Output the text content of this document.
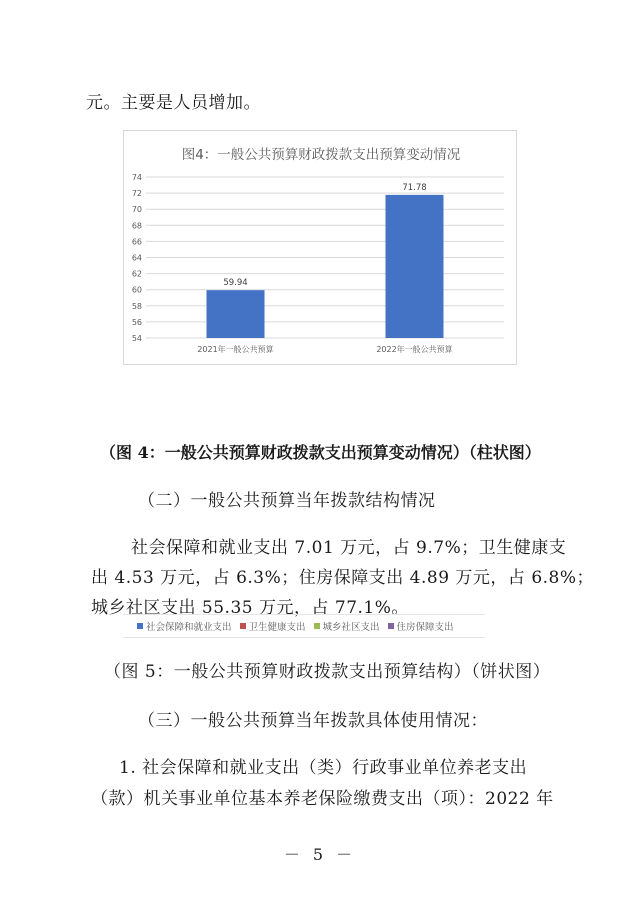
元。主要是人员增加。
图4：一般公共预算财政拨款支出预算变动情况
54
56
58
60
62
64
66
68
70
72
74
59.94
2021年一般公共预算
71.78
2022年一般公共预算
（图 4：一般公共预算财政拨款支出预算变动情况）（柱状图）
（二）一般公共预算当年拨款结构情况
社会保障和就业支出 7.01 万元，占 9.7%；卫生健康支
出 4.53 万元，占 6.3%；住房保障支出 4.89 万元，占 6.8%；
城乡社区支出 55.35 万元，占 77.1%。
社会保障和就业支出 卫生健康支出 城乡社区支出 住房保障支出
（图 5：一般公共预算财政拨款支出预算结构）（饼状图）
（三）一般公共预算当年拨款具体使用情况：
1. 社会保障和就业支出（类）行政事业单位养老支出
（款）机关事业单位基本养老保险缴费支出（项）：2022 年
－ 5 －
